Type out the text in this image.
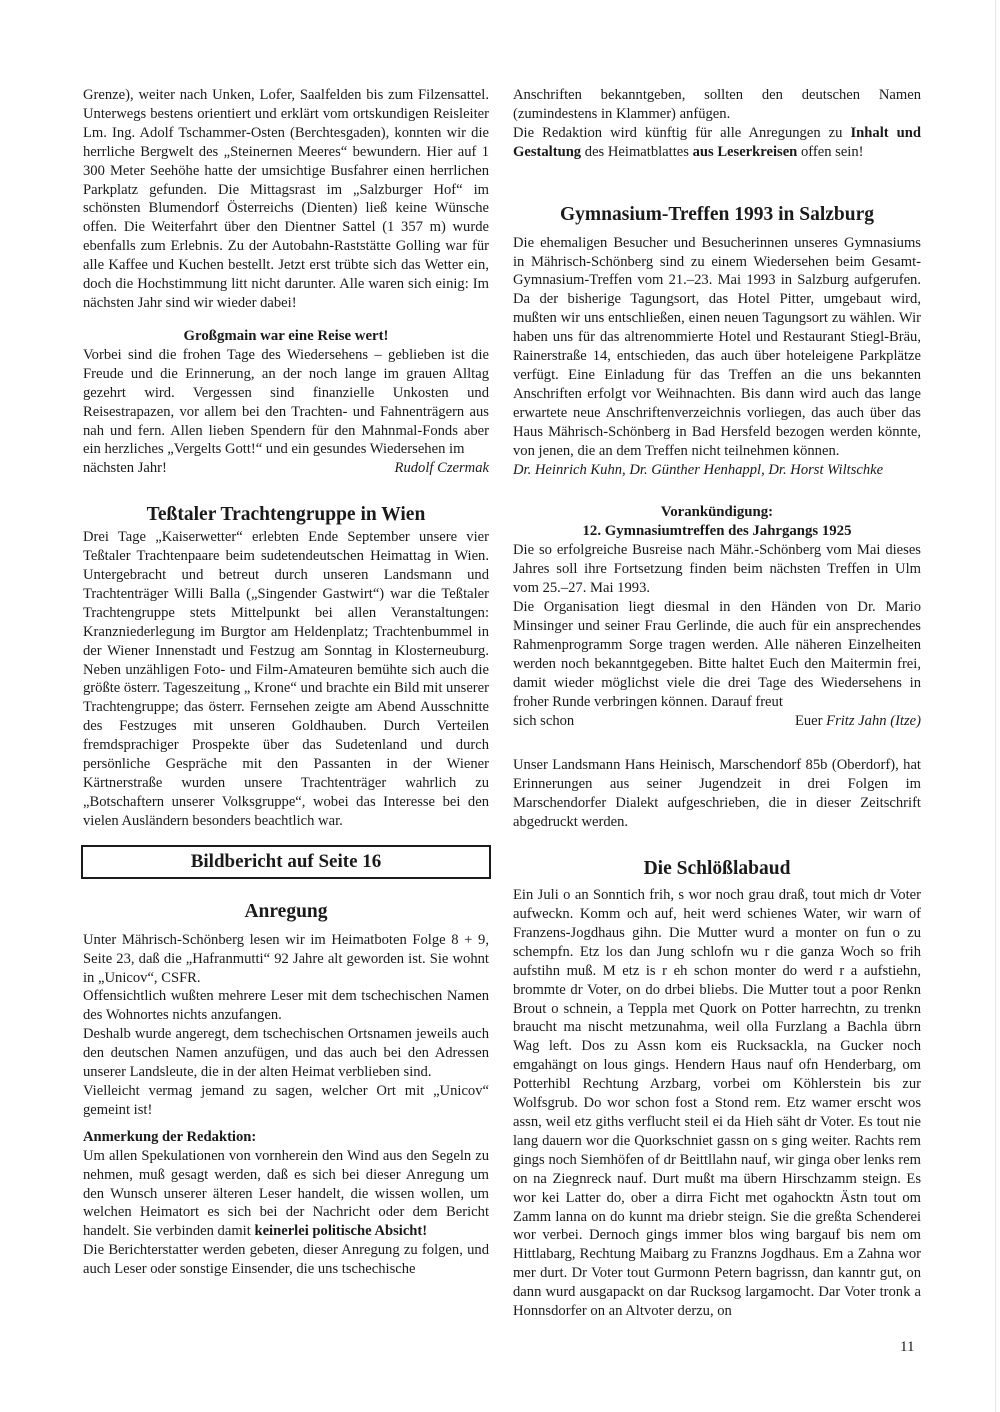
Grenze), weiter nach Unken, Lofer, Saalfelden bis zum Filzensattel. Unterwegs bestens orientiert und erklärt vom ortskundigen Reisleiter Lm. Ing. Adolf Tschammer-Osten (Berchtesgaden), konnten wir die herrliche Bergwelt des „Steinernen Meeres“ bewundern. Hier auf 1 300 Meter Seehöhe hatte der umsichtige Busfahrer einen herrlichen Parkplatz gefunden. Die Mittagsrast im „Salzburger Hof“ im schönsten Blumendorf Österreichs (Dienten) ließ keine Wünsche offen. Die Weiterfahrt über den Dientner Sattel (1 357 m) wurde ebenfalls zum Erlebnis. Zu der Autobahn-Raststätte Golling war für alle Kaffee und Kuchen bestellt. Jetzt erst trübte sich das Wetter ein, doch die Hochstimmung litt nicht darunter. Alle waren sich einig: Im nächsten Jahr sind wir wieder dabei!

Großgmain war eine Reise wert!

Vorbei sind die frohen Tage des Wiedersehens – geblieben ist die Freude und die Erinnerung, an der noch lange im grauen Alltag gezehrt wird. Vergessen sind finanzielle Unkosten und Reisestrapazen, vor allem bei den Trachten- und Fahnenträgern aus nah und fern. Allen lieben Spendern für den Mahnmal-Fonds aber ein herzliches „Vergelts Gott!“ und ein gesundes Wiedersehen im

nächsten Jahr!	Rudolf Czermak
Teßtaler Trachtengruppe in Wien

Drei Tage „Kaiserwetter“ erlebten Ende September unsere vier Teßtaler Trachtenpaare beim sudetendeutschen Heimattag in Wien. Untergebracht und betreut durch unseren Landsmann und Trachtenträger Willi Balla („Singender Gastwirt“) war die Teßtaler Trachtengruppe stets Mittelpunkt bei allen Veranstaltungen: Kranzniederlegung im Burgtor am Heldenplatz; Trachtenbummel in der Wiener Innenstadt und Festzug am Sonntag in Klosterneuburg. Neben unzähligen Foto- und Film-Amateuren bemühte sich auch die größte österr. Tageszeitung „ Krone“ und brachte ein Bild mit unserer Trachtengruppe; das österr. Fernsehen zeigte am Abend Ausschnitte des Festzuges mit unseren Goldhauben. Durch Verteilen fremdsprachiger Prospekte über das Sudetenland und durch persönliche Gespräche mit den Passanten in der Wiener Kärtnerstraße wurden unsere Trachtenträger wahrlich zu „Botschaftern unserer Volksgruppe“, wobei das Interesse bei den vielen Ausländern besonders beachtlich war.

Bildbericht auf Seite 16
Anregung

Unter Mährisch-Schönberg lesen wir im Heimatboten Folge 8 + 9, Seite 23, daß die „Hafranmutti“ 92 Jahre alt geworden ist. Sie wohnt in „Unicov“, CSFR.

Offensichtlich wußten mehrere Leser mit dem tschechischen Namen des Wohnortes nichts anzufangen.

Deshalb wurde angeregt, dem tschechischen Ortsnamen jeweils auch den deutschen Namen anzufügen, und das auch bei den Adressen unserer Landsleute, die in der alten Heimat verblieben sind.

Vielleicht vermag jemand zu sagen, welcher Ort mit „Unicov“ gemeint ist!

Anmerkung der Redaktion:

Um allen Spekulationen von vornherein den Wind aus den Segeln zu nehmen, muß gesagt werden, daß es sich bei dieser Anregung um den Wunsch unserer älteren Leser handelt, die wissen wollen, um welchen Heimatort es sich bei der Nachricht oder dem Bericht handelt. Sie verbinden damit keinerlei politische Absicht!

Die Berichterstatter werden gebeten, dieser Anregung zu folgen, und auch Leser oder sonstige Einsender, die uns tschechische

Anschriften bekanntgeben, sollten den deutschen Namen (zumindestens in Klammer) anfügen.

Die Redaktion wird künftig für alle Anregungen zu Inhalt und Gestaltung des Heimatblattes aus Leserkreisen offen sein!

Gymnasium-Treffen 1993 in Salzburg

Die ehemaligen Besucher und Besucherinnen unseres Gymnasiums in Mährisch-Schönberg sind zu einem Wiedersehen beim Gesamt-Gymnasium-Treffen vom 21.–23. Mai 1993 in Salzburg aufgerufen. Da der bisherige Tagungsort, das Hotel Pitter, umgebaut wird, mußten wir uns entschließen, einen neuen Tagungsort zu wählen. Wir haben uns für das altrenommierte Hotel und Restaurant Stiegl-Bräu, Rainerstraße 14, entschieden, das auch über hoteleigene Parkplätze verfügt. Eine Einladung für das Treffen an die uns bekannten Anschriften erfolgt vor Weihnachten. Bis dann wird auch das lange erwartete neue Anschriftenverzeichnis vorliegen, das auch über das Haus Mährisch-Schönberg in Bad Hersfeld bezogen werden könnte, von jenen, die an dem Treffen nicht teilnehmen können.

Dr. Heinrich Kuhn, Dr. Günther Henhappl, Dr. Horst Wiltschke

Vorankündigung:
12. Gymnasiumtreffen des Jahrgangs 1925

Die so erfolgreiche Busreise nach Mähr.-Schönberg vom Mai dieses Jahres soll ihre Fortsetzung finden beim nächsten Treffen in Ulm vom 25.–27. Mai 1993.

Die Organisation liegt diesmal in den Händen von Dr. Mario Minsinger und seiner Frau Gerlinde, die auch für ein ansprechendes Rahmenprogramm Sorge tragen werden. Alle näheren Einzelheiten werden noch bekanntgegeben. Bitte haltet Euch den Maitermin frei, damit wieder möglichst viele die drei Tage des Wiedersehens in froher Runde verbringen können. Darauf freut

sich schon	Euer Fritz Jahn (Itze)

Unser Landsmann Hans Heinisch, Marschendorf 85b (Oberdorf), hat Erinnerungen aus seiner Jugendzeit in drei Folgen im Marschendorfer Dialekt aufgeschrieben, die in dieser Zeitschrift abgedruckt werden.

Die Schlößlabaud

Ein Juli o an Sonntich frih, s wor noch grau draß, tout mich dr Voter aufweckn. Komm och auf, heit werd schienes Water, wir warn of Franzens-Jogdhaus gihn. Die Mutter wurd a monter on fun o zu schempfn. Etz los dan Jung schlofn wu r die ganza Woch so frih aufstihn muß. M etz is r eh schon monter do werd r a aufstiehn, brommte dr Voter, on do drbei bliebs. Die Mutter tout a poor Renkn Brout o schnein, a Teppla met Quork on Potter harrechtn, zu trenkn braucht ma nischt metzunahma, weil olla Furzlang a Bachla übrn Wag left. Dos zu Assn kom eis Rucksackla, na Gucker noch emgahängt on lous gings. Hendern Haus nauf ofn Henderbarg, om Potterhibl Rechtung Arzbarg, vorbei om Köhlerstein bis zur Wolfsgrub. Do wor schon fost a Stond rem. Etz wamer erscht wos assn, weil etz giths verflucht steil ei da Hieh säht dr Voter. Es tout nie lang dauern wor die Quorkschniet gassn on s ging weiter. Rachts rem gings noch Siemhöfen of dr Beittllahn nauf, wir ginga ober lenks rem on na Ziegnreck nauf. Durt mußt ma übern Hirschzamm steign. Es wor kei Latter do, ober a dirra Ficht met ogahocktn Ästn tout om Zamm lanna on do kunnt ma driebr steign. Sie die greßta Schenderei wor verbei. Dernoch gings immer blos wing bargauf bis nem om Hittlabarg, Rechtung Maibarg zu Franzns Jogdhaus. Em a Zahna wor mer durt. Dr Voter tout Gurmonn Petern bagrissn, dan kanntr gut, on dann wurd ausgapackt on dar Rucksog largamocht. Dar Voter tronk a Honnsdorfer on an Altvoter derzu, on

11
